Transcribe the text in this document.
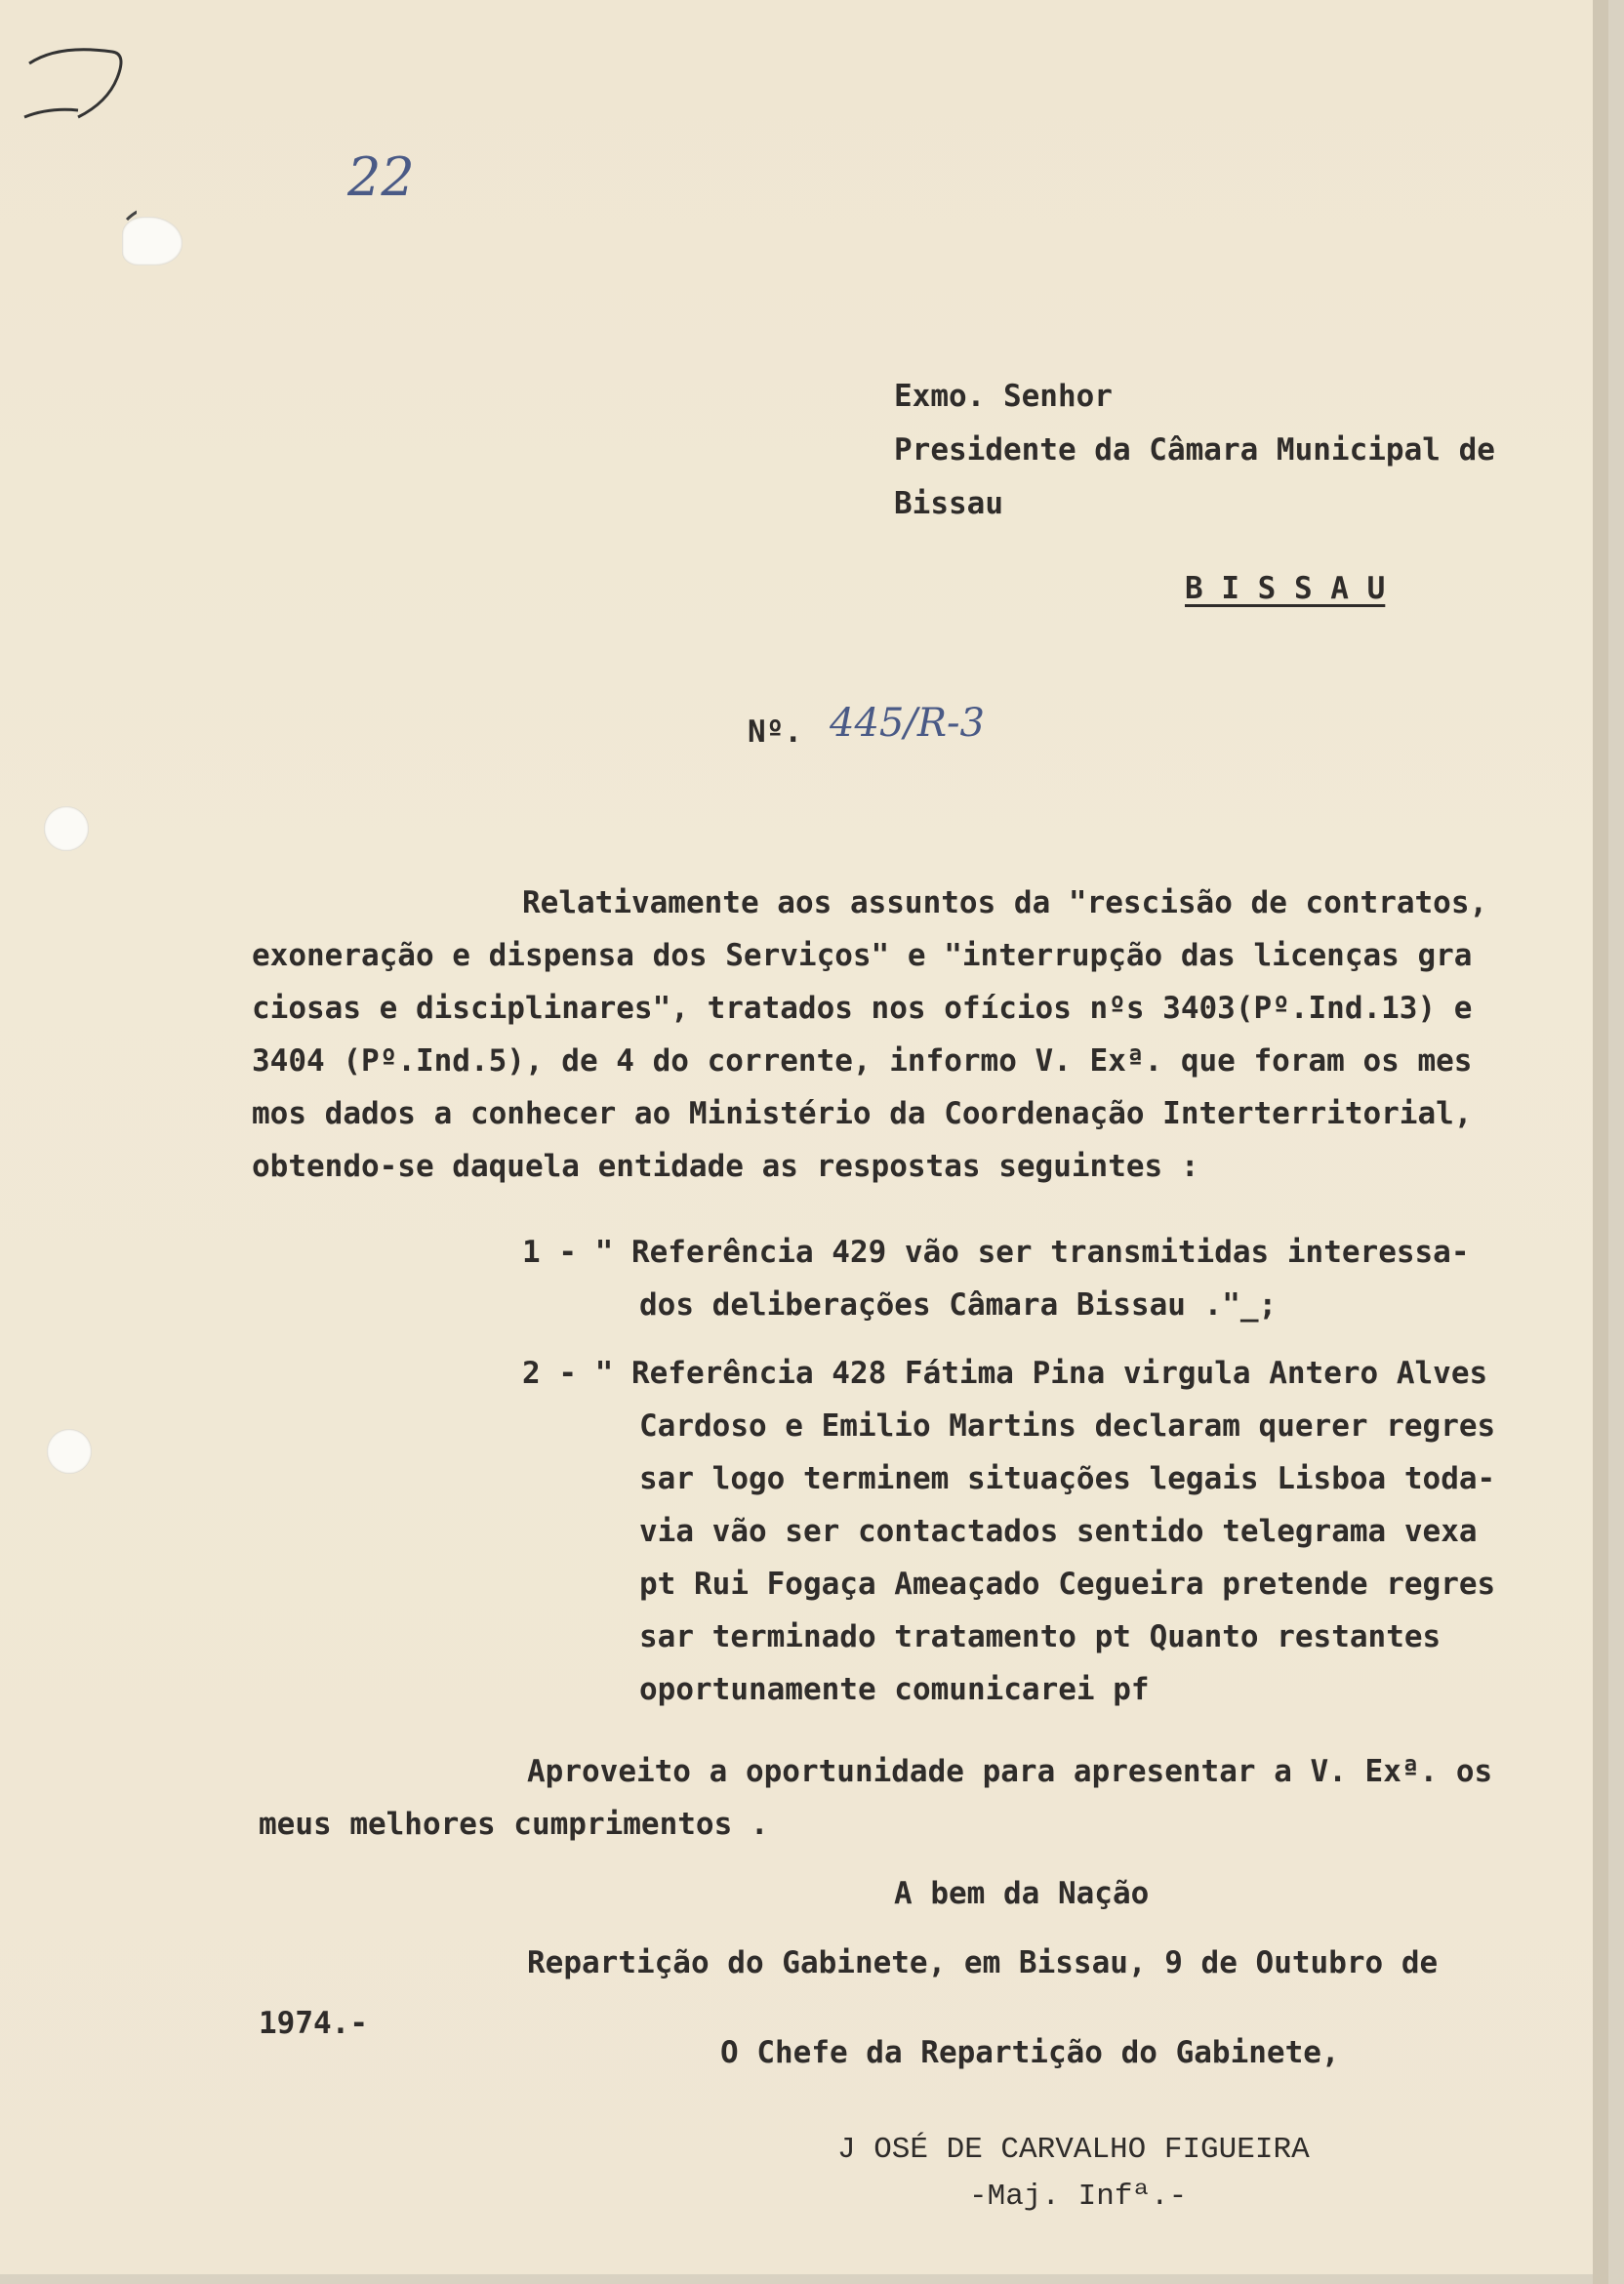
22
Exmo. Senhor
Presidente da Câmara Municipal de
Bissau
B I S S A U
Nº. 445/R-3
Relativamente aos assuntos da "rescisão de contratos,
exoneração e dispensa dos Serviços" e "interrupção das licenças gra
ciosas e disciplinares", tratados nos ofícios nºs 3403(Pº.Ind.13) e
3404 (Pº.Ind.5), de 4 do corrente, informo V. Exª. que foram os mes
mos dados a conhecer ao Ministério da Coordenação Interterritorial,
obtendo-se daquela entidade as respostas seguintes :
1 - " Referência 429 vão ser transmitidas interessa-
dos deliberações Câmara Bissau ."_;
2 - " Referência 428 Fátima Pina virgula Antero Alves
Cardoso e Emilio Martins declaram querer regres
sar logo terminem situações legais Lisboa toda-
via vão ser contactados sentido telegrama vexa
pt Rui Fogaça Ameaçado Cegueira pretende regres
sar terminado tratamento pt Quanto restantes
oportunamente comunicarei pf
Aproveito a oportunidade para apresentar a V. Exª. os
meus melhores cumprimentos .
A bem da Nação
Repartição do Gabinete, em Bissau, 9 de Outubro de
1974.-
O Chefe da Repartição do Gabinete,
J OSÉ DE CARVALHO FIGUEIRA
-Maj. Infª.-
